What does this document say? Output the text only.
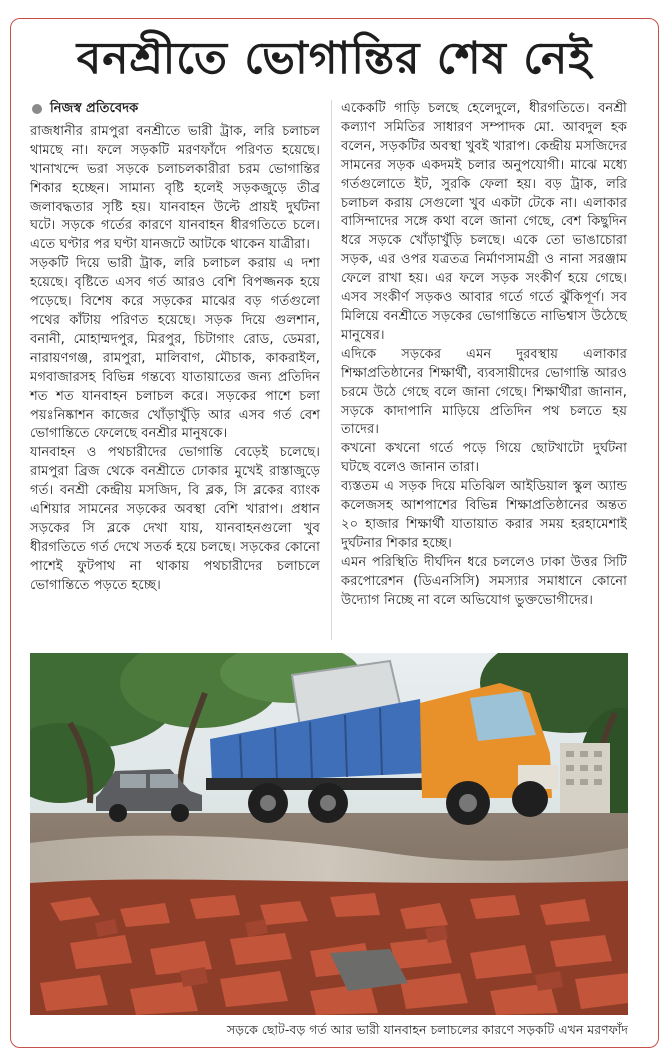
বনশ্রীতে ভোগান্তির শেষ নেই
নিজস্ব প্রতিবেদক

রাজধানীর রামপুরা বনশ্রীতে ভারী ট্রাক, লরি চলাচল থামছে না। ফলে সড়কটি মরণফাঁদে পরিণত হয়েছে। খানাখন্দে ভরা সড়কে চলাচলকারীরা চরম ভোগান্তির শিকার হচ্ছেন। সামান্য বৃষ্টি হলেই সড়কজুড়ে তীব্র জলাবদ্ধতার সৃষ্টি হয়। যানবাহন উল্টে প্রায়ই দুর্ঘটনা ঘটে। সড়কে গর্তের কারণে যানবাহন ধীরগতিতে চলে। এতে ঘণ্টার পর ঘণ্টা যানজটে আটকে থাকেন যাত্রীরা।

সড়কটি দিয়ে ভারী ট্রাক, লরি চলাচল করায় এ দশা হয়েছে। বৃষ্টিতে এসব গর্ত আরও বেশি বিপজ্জনক হয়ে পড়েছে। বিশেষ করে সড়কের মাঝের বড় গর্তগুলো পথের কাঁটায় পরিণত হয়েছে। সড়ক দিয়ে গুলশান, বনানী, মোহাম্মদপুর, মিরপুর, চিটাগাং রোড, ডেমরা, নারায়ণগঞ্জ, রামপুরা, মালিবাগ, মৌচাক, কাকরাইল, মগবাজারসহ বিভিন্ন গন্তব্যে যাতায়াতের জন্য প্রতিদিন শত শত যানবাহন চলাচল করে। সড়কের পাশে চলা পয়ঃনিষ্কাশন কাজের খোঁড়াখুঁড়ি আর এসব গর্ত বেশ ভোগান্তিতে ফেলেছে বনশ্রীর মানুষকে।

যানবাহন ও পথচারীদের ভোগান্তি বেড়েই চলেছে। রামপুরা ব্রিজ থেকে বনশ্রীতে ঢোকার মুখেই রাস্তাজুড়ে গর্ত। বনশ্রী কেন্দ্রীয় মসজিদ, বি ব্লক, সি ব্লকের ব্যাংক এশিয়ার সামনের সড়কের অবস্থা বেশি খারাপ। প্রধান সড়কের সি ব্লকে দেখা যায়, যানবাহনগুলো খুব ধীরগতিতে গর্ত দেখে সতর্ক হয়ে চলছে। সড়কের কোনো পাশেই ফুটপাথ না থাকায় পথচারীদের চলাচলে ভোগান্তিতে পড়তে হচ্ছে।

একেকটি গাড়ি চলছে হেলেদুলে, ধীরগতিতে। বনশ্রী কল্যাণ সমিতির সাধারণ সম্পাদক মো. আবদুল হক বলেন, সড়কটির অবস্থা খুবই খারাপ। কেন্দ্রীয় মসজিদের সামনের সড়ক একদমই চলার অনুপযোগী। মাঝে মধ্যে গর্তগুলোতে ইট, সুরকি ফেলা হয়। বড় ট্রাক, লরি চলাচল করায় সেগুলো খুব একটা টেকে না। এলাকার বাসিন্দাদের সঙ্গে কথা বলে জানা গেছে, বেশ কিছুদিন ধরে সড়কে খোঁড়াখুঁড়ি চলছে। একে তো ভাঙাচোরা সড়ক, এর ওপর যত্রতত্র নির্মাণসামগ্রী ও নানা সরঞ্জাম ফেলে রাখা হয়। এর ফলে সড়ক সংকীর্ণ হয়ে গেছে। এসব সংকীর্ণ সড়কও আবার গর্তে গর্তে ঝুঁকিপূর্ণ। সব মিলিয়ে বনশ্রীতে সড়কের ভোগান্তিতে নাভিশ্বাস উঠেছে মানুষের।

এদিকে সড়কের এমন দুরবস্থায় এলাকার শিক্ষাপ্রতিষ্ঠানের শিক্ষার্থী, ব্যবসায়ীদের ভোগান্তি আরও চরমে উঠে গেছে বলে জানা গেছে। শিক্ষার্থীরা জানান, সড়কে কাদাপানি মাড়িয়ে প্রতিদিন পথ চলতে হয় তাদের।

কখনো কখনো গর্তে পড়ে গিয়ে ছোটখাটো দুর্ঘটনা ঘটছে বলেও জানান তারা।

ব্যস্ততম এ সড়ক দিয়ে মতিঝিল আইডিয়াল স্কুল অ্যান্ড কলেজসহ আশপাশের বিভিন্ন শিক্ষাপ্রতিষ্ঠানের অন্তত ২০ হাজার শিক্ষার্থী যাতায়াত করার সময় হরহামেশাই দুর্ঘটনার শিকার হচ্ছে।

এমন পরিস্থিতি দীর্ঘদিন ধরে চললেও ঢাকা উত্তর সিটি করপোরেশন (ডিএনসিসি) সমস্যার সমাধানে কোনো উদ্যোগ নিচ্ছে না বলে অভিযোগ ভুক্তভোগীদের।

সড়কে ছোট-বড় গর্ত আর ভারী যানবাহন চলাচলের কারণে সড়কটি এখন মরণফাঁদ
